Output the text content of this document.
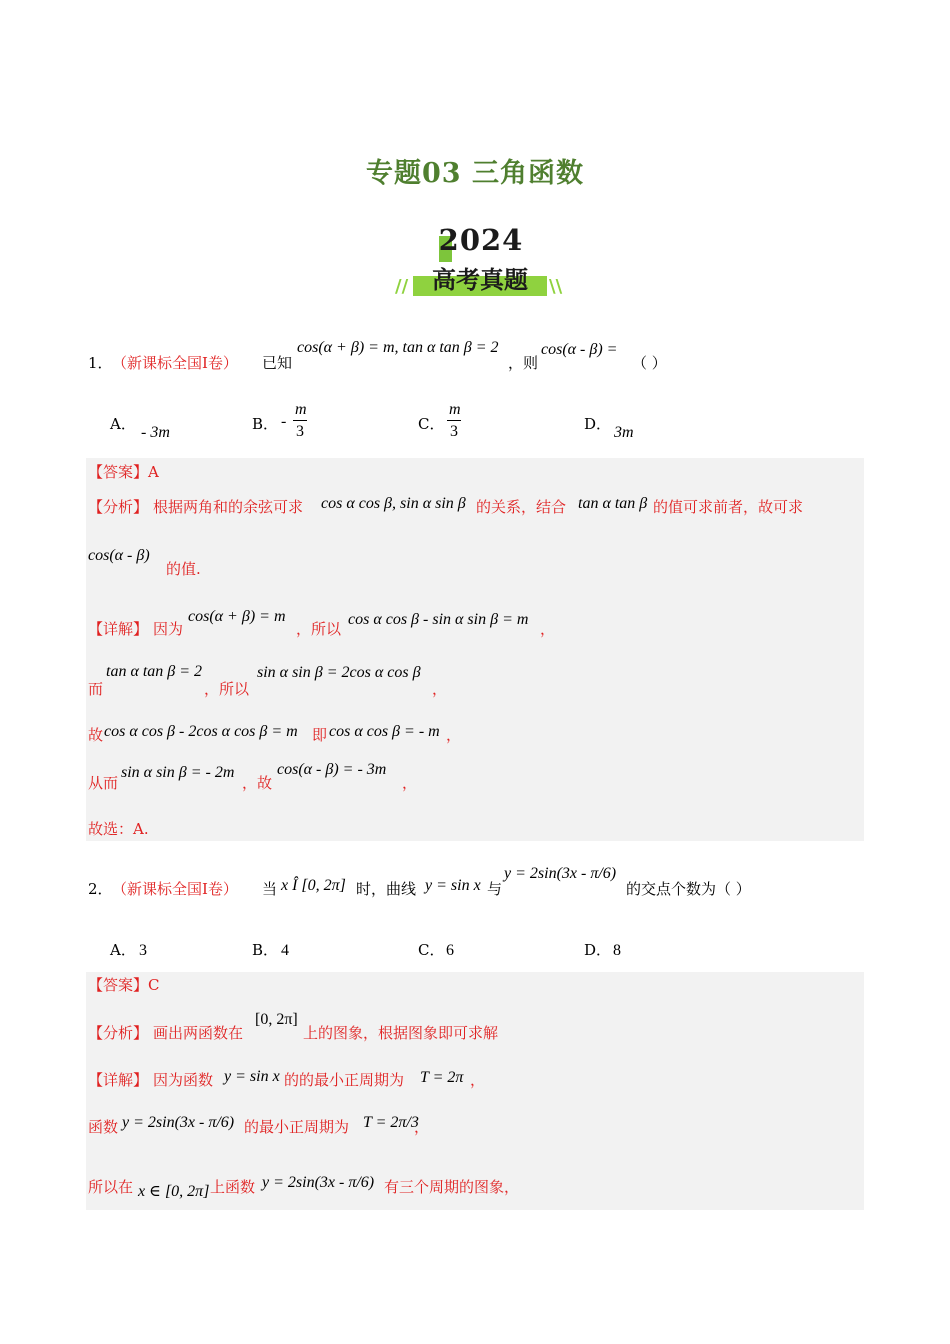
专题03 三角函数
2024
// 高考真题	\\
1． （新课标全国Ⅰ卷） 已知
cos(α + β) = m, tan α tan β = 2
，则
cos(α - β) =
（ ）
A． - 3m	B． -
m
3	C．
m
3	D． 3m
【答案】A
【分析】 根据两角和的余弦可求 cos α cos β, sin α sin β 的关系，结合 tan α tan β 的值可求前者，故可求
cos(α - β)
的值.
【详解】 因为
cos(α + β) = m
，所以
cos α cos β - sin α sin β = m
，
而
tan α tan β = 2
，所以
sin α sin β = 2cos α cos β
，
故 cos α cos β - 2cos α cos β = m 即 cos α cos β = - m ，
从而
sin α sin β = - 2m
，故
cos(α - β) = - 3m
，
故选：A.
2． （新课标全国Ⅰ卷） 当 x Î [0, 2π] 时，曲线 y = sin x 与
y = 2sin(3x - π/6)
的交点个数为（ ）
A． 3	B． 4	C． 6	D． 8
【答案】C
【分析】 画出两函数在
[0, 2π]
上的图象，根据图象即可求解
【详解】 因为函数 y = sin x 的的最小正周期为 T = 2π ，
函数 y = 2sin(3x - π/6) 的最小正周期为 T = 2π/3
，
所以在 x ∈ [0, 2π] 上函数 y = 2sin(3x - π/6) 有三个周期的图象，
